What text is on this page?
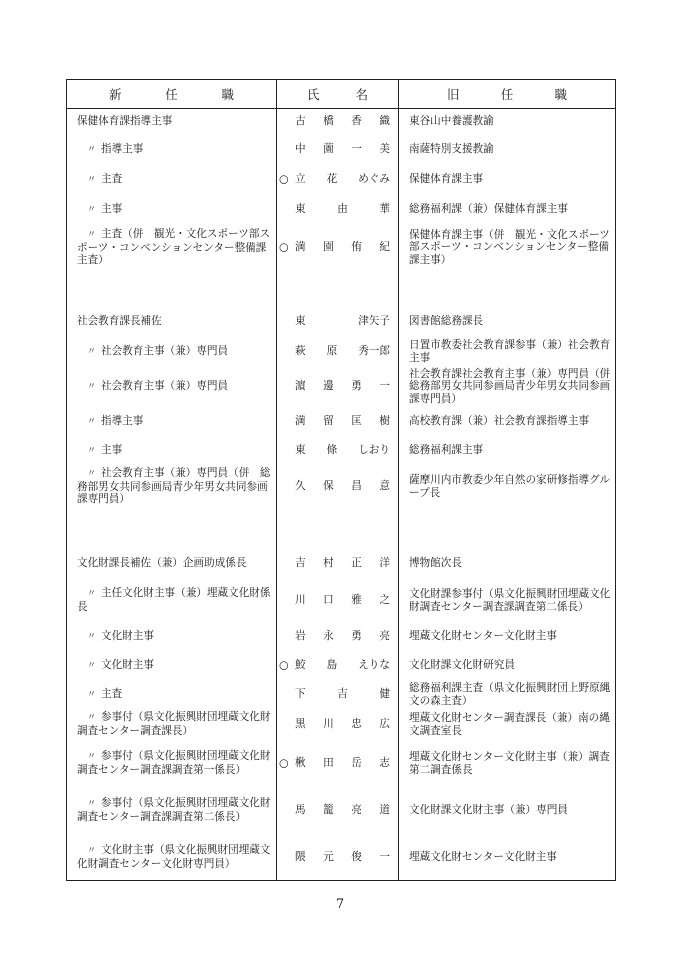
新 任 職	氏 名	旧 任 職

保健体育課指導主事	古 橋 香 織	東谷山中養護教諭
〃 指導主事	中 薗 一 美	南薩特別支援教諭
〃 主査	○ 立 花 めぐみ	保健体育課主事
〃 主事	東 由 華	総務福利課（兼）保健体育課主事
〃 主査（併　観光・文化スポーツ部スポーツ・コンベンションセンター整備課主査）	○ 満 園 侑 紀	保健体育課主事（併　観光・文化スポーツ部スポーツ・コンベンションセンター整備課主事）

社会教育課長補佐	東 津矢子	図書館総務課長
〃 社会教育主事（兼）専門員	萩 原 秀一郎	日置市教委社会教育課参事（兼）社会教育主事
〃 社会教育主事（兼）専門員	濵 邊 勇 一	社会教育課社会教育主事（兼）専門員（併　総務部男女共同参画局青少年男女共同参画課専門員）
〃 指導主事	満 留 匡 樹	高校教育課（兼）社会教育課指導主事
〃 主事	東 條 しおり	総務福利課主事
〃 社会教育主事（兼）専門員（併　総務部男女共同参画局青少年男女共同参画課専門員）	久 保 昌 意	薩摩川内市教委少年自然の家研修指導グループ長

文化財課長補佐（兼）企画助成係長	吉 村 正 洋	博物館次長
〃 主任文化財主事（兼）埋蔵文化財係長	川 口 雅 之	文化財課参事付（県文化振興財団埋蔵文化財調査センター調査課調査第二係長）
〃 文化財主事	岩 永 勇 亮	埋蔵文化財センター文化財主事
〃 文化財主事	○ 鮫 島 えりな	文化財課文化財研究員
〃 主査	下 吉 健	総務福利課主査（県文化振興財団上野原縄文の森主査）
〃 参事付（県文化振興財団埋蔵文化財調査センター調査課長）	黒 川 忠 広	埋蔵文化財センター調査課長（兼）南の縄文調査室長
〃 参事付（県文化振興財団埋蔵文化財調査センター調査課調査第一係長）	○ 楸 田 岳 志	埋蔵文化財センター文化財主事（兼）調査第二調査係長
〃 参事付（県文化振興財団埋蔵文化財調査センター調査課調査第二係長）	馬 籠 亮 道	文化財課文化財主事（兼）専門員
〃 文化財主事（県文化振興財団埋蔵文化財調査センター文化財専門員）	隈 元 俊 一	埋蔵文化財センター文化財主事
7
